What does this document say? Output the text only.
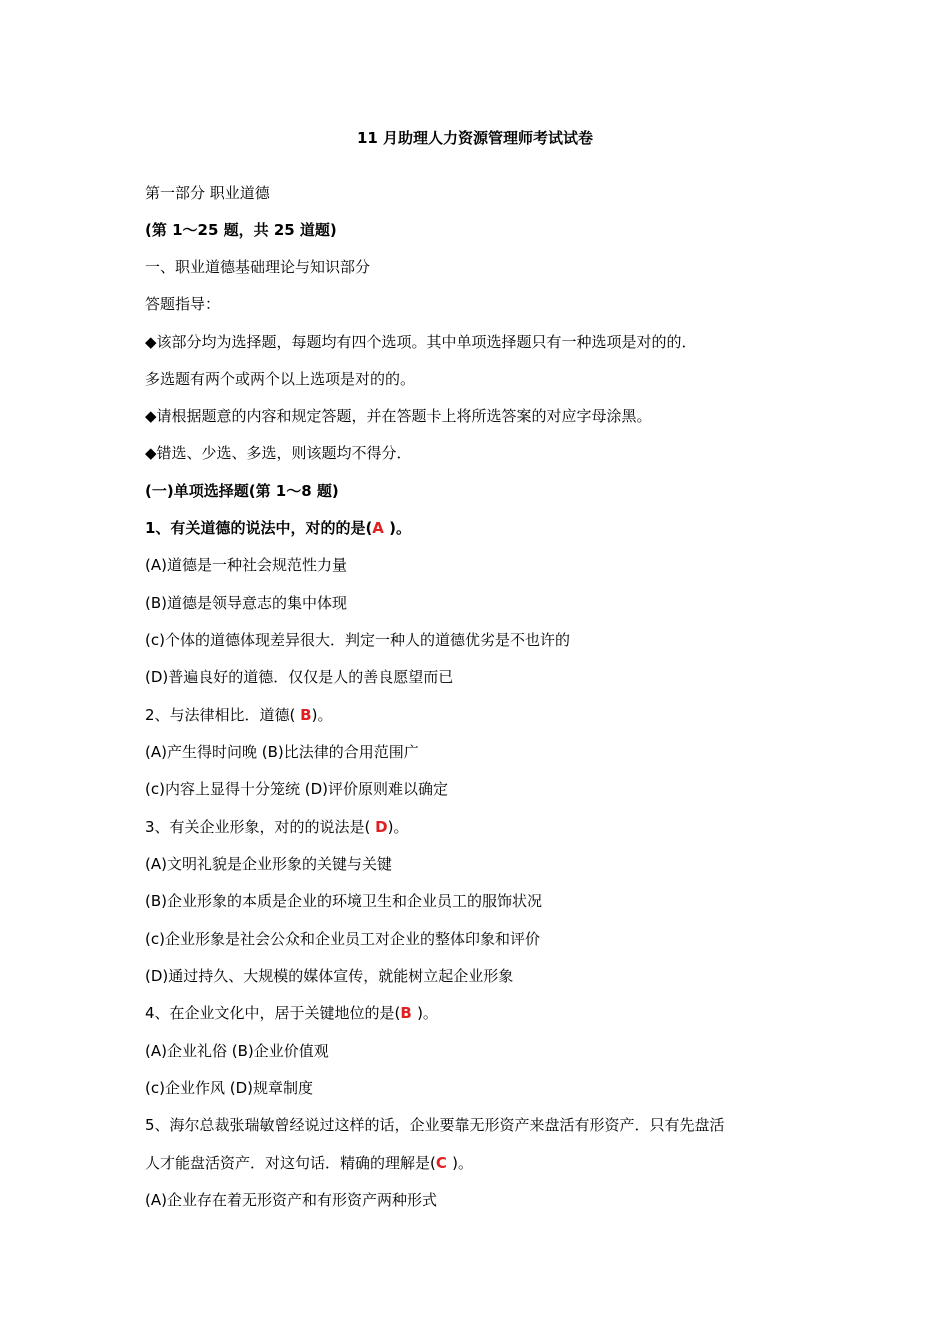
11 月助理人力资源管理师考试试卷
第一部分 职业道德
(第 1～25 题，共 25 道题)
一、职业道德基础理论与知识部分
答题指导：
◆该部分均为选择题，每题均有四个选项。其中单项选择题只有一种选项是对的的．
多选题有两个或两个以上选项是对的的。
◆请根据题意的内容和规定答题，并在答题卡上将所选答案的对应字母涂黑。
◆错选、少选、多选，则该题均不得分．
(一)单项选择题(第 1～8 题)
1、有关道德的说法中，对的的是(A )。
(A)道德是一种社会规范性力量
(B)道德是领导意志的集中体现
(c)个体的道德体现差异很大．判定一种人的道德优劣是不也许的
(D)普遍良好的道德．仅仅是人的善良愿望而已
2、与法律相比．道德( B)。
(A)产生得时问晚 (B)比法律的合用范围广
(c)内容上显得十分笼统 (D)评价原则难以确定
3、有关企业形象，对的的说法是( D)。
(A)文明礼貌是企业形象的关键与关键
(B)企业形象的本质是企业的环境卫生和企业员工的服饰状况
(c)企业形象是社会公众和企业员工对企业的整体印象和评价
(D)通过持久、大规模的媒体宣传，就能树立起企业形象
4、在企业文化中，居于关键地位的是(B )。
(A)企业礼俗 (B)企业价值观
(c)企业作风 (D)规章制度
5、海尔总裁张瑞敏曾经说过这样的话，企业要靠无形资产来盘活有形资产．只有先盘活
人才能盘活资产．对这句话．精确的理解是(C )。
(A)企业存在着无形资产和有形资产两种形式
